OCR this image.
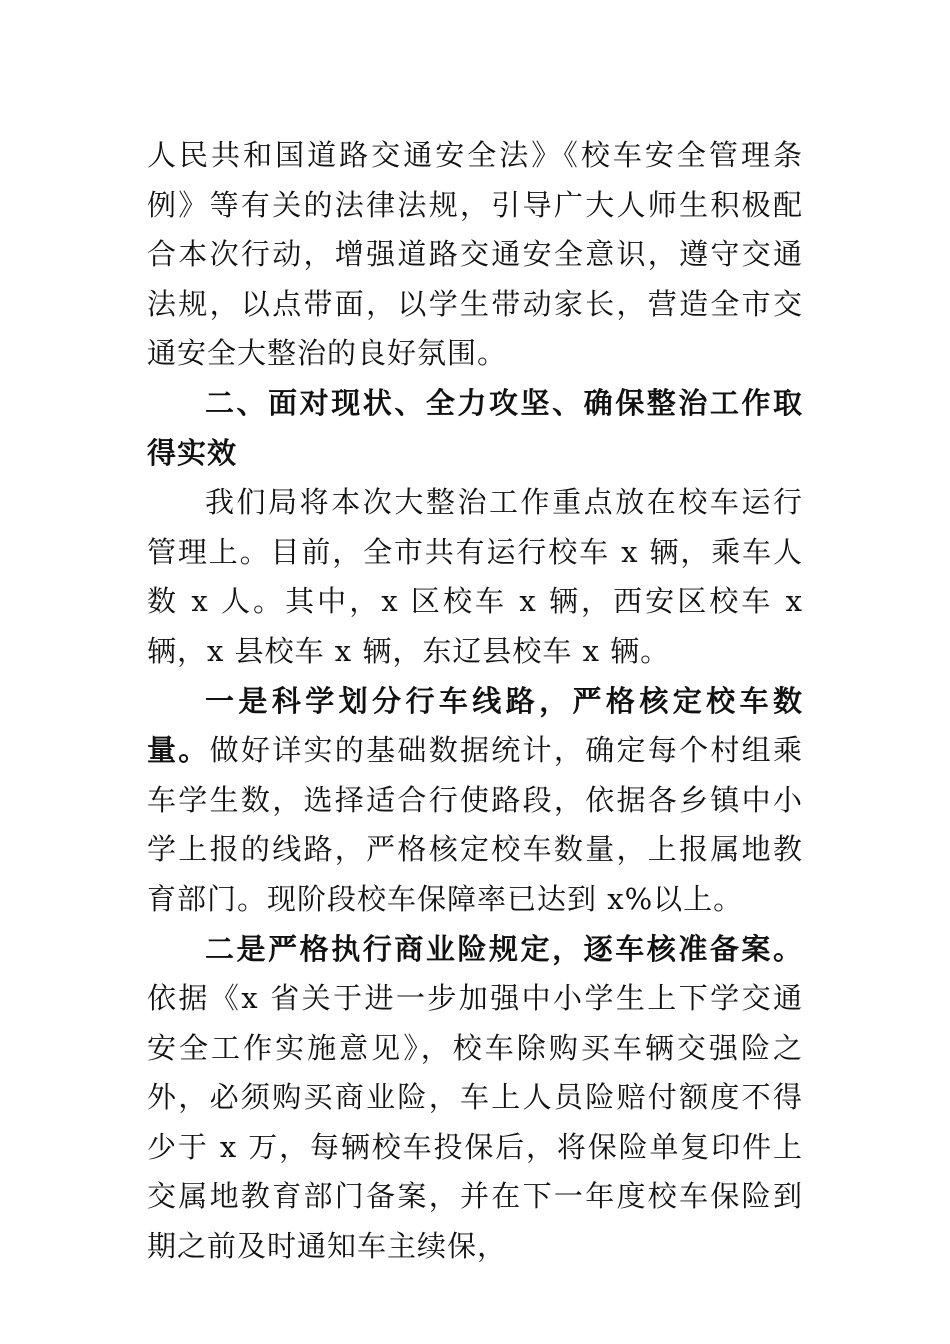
人民共和国道路交通安全法》《校车安全管理条例》等有关的法律法规，引导广大人师生积极配合本次行动，增强道路交通安全意识，遵守交通法规，以点带面，以学生带动家长，营造全市交通安全大整治的良好氛围。

二、面对现状、全力攻坚、确保整治工作取得实效

我们局将本次大整治工作重点放在校车运行管理上。目前，全市共有运行校车 x 辆，乘车人数 x 人。其中，x 区校车 x 辆，西安区校车 x 辆，x 县校车 x 辆，东辽县校车 x 辆。

一是科学划分行车线路，严格核定校车数量。做好详实的基础数据统计，确定每个村组乘车学生数，选择适合行使路段，依据各乡镇中小学上报的线路，严格核定校车数量，上报属地教育部门。现阶段校车保障率已达到 x%以上。

二是严格执行商业险规定，逐车核准备案。依据《x 省关于进一步加强中小学生上下学交通安全工作实施意见》，校车除购买车辆交强险之外，必须购买商业险，车上人员险赔付额度不得少于 x 万，每辆校车投保后，将保险单复印件上交属地教育部门备案，并在下一年度校车保险到期之前及时通知车主续保，
